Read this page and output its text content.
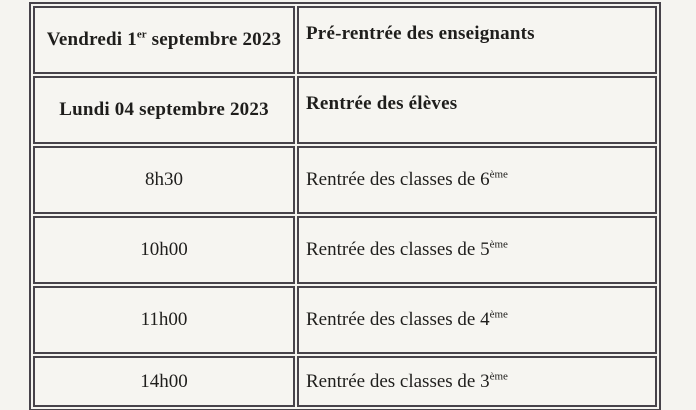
Vendredi 1er septembre 2023	Pré-rentrée des enseignants
Lundi 04 septembre 2023	Rentrée des élèves
8h30	Rentrée des classes de 6ème
10h00	Rentrée des classes de 5ème
11h00	Rentrée des classes de 4ème
14h00	Rentrée des classes de 3ème
